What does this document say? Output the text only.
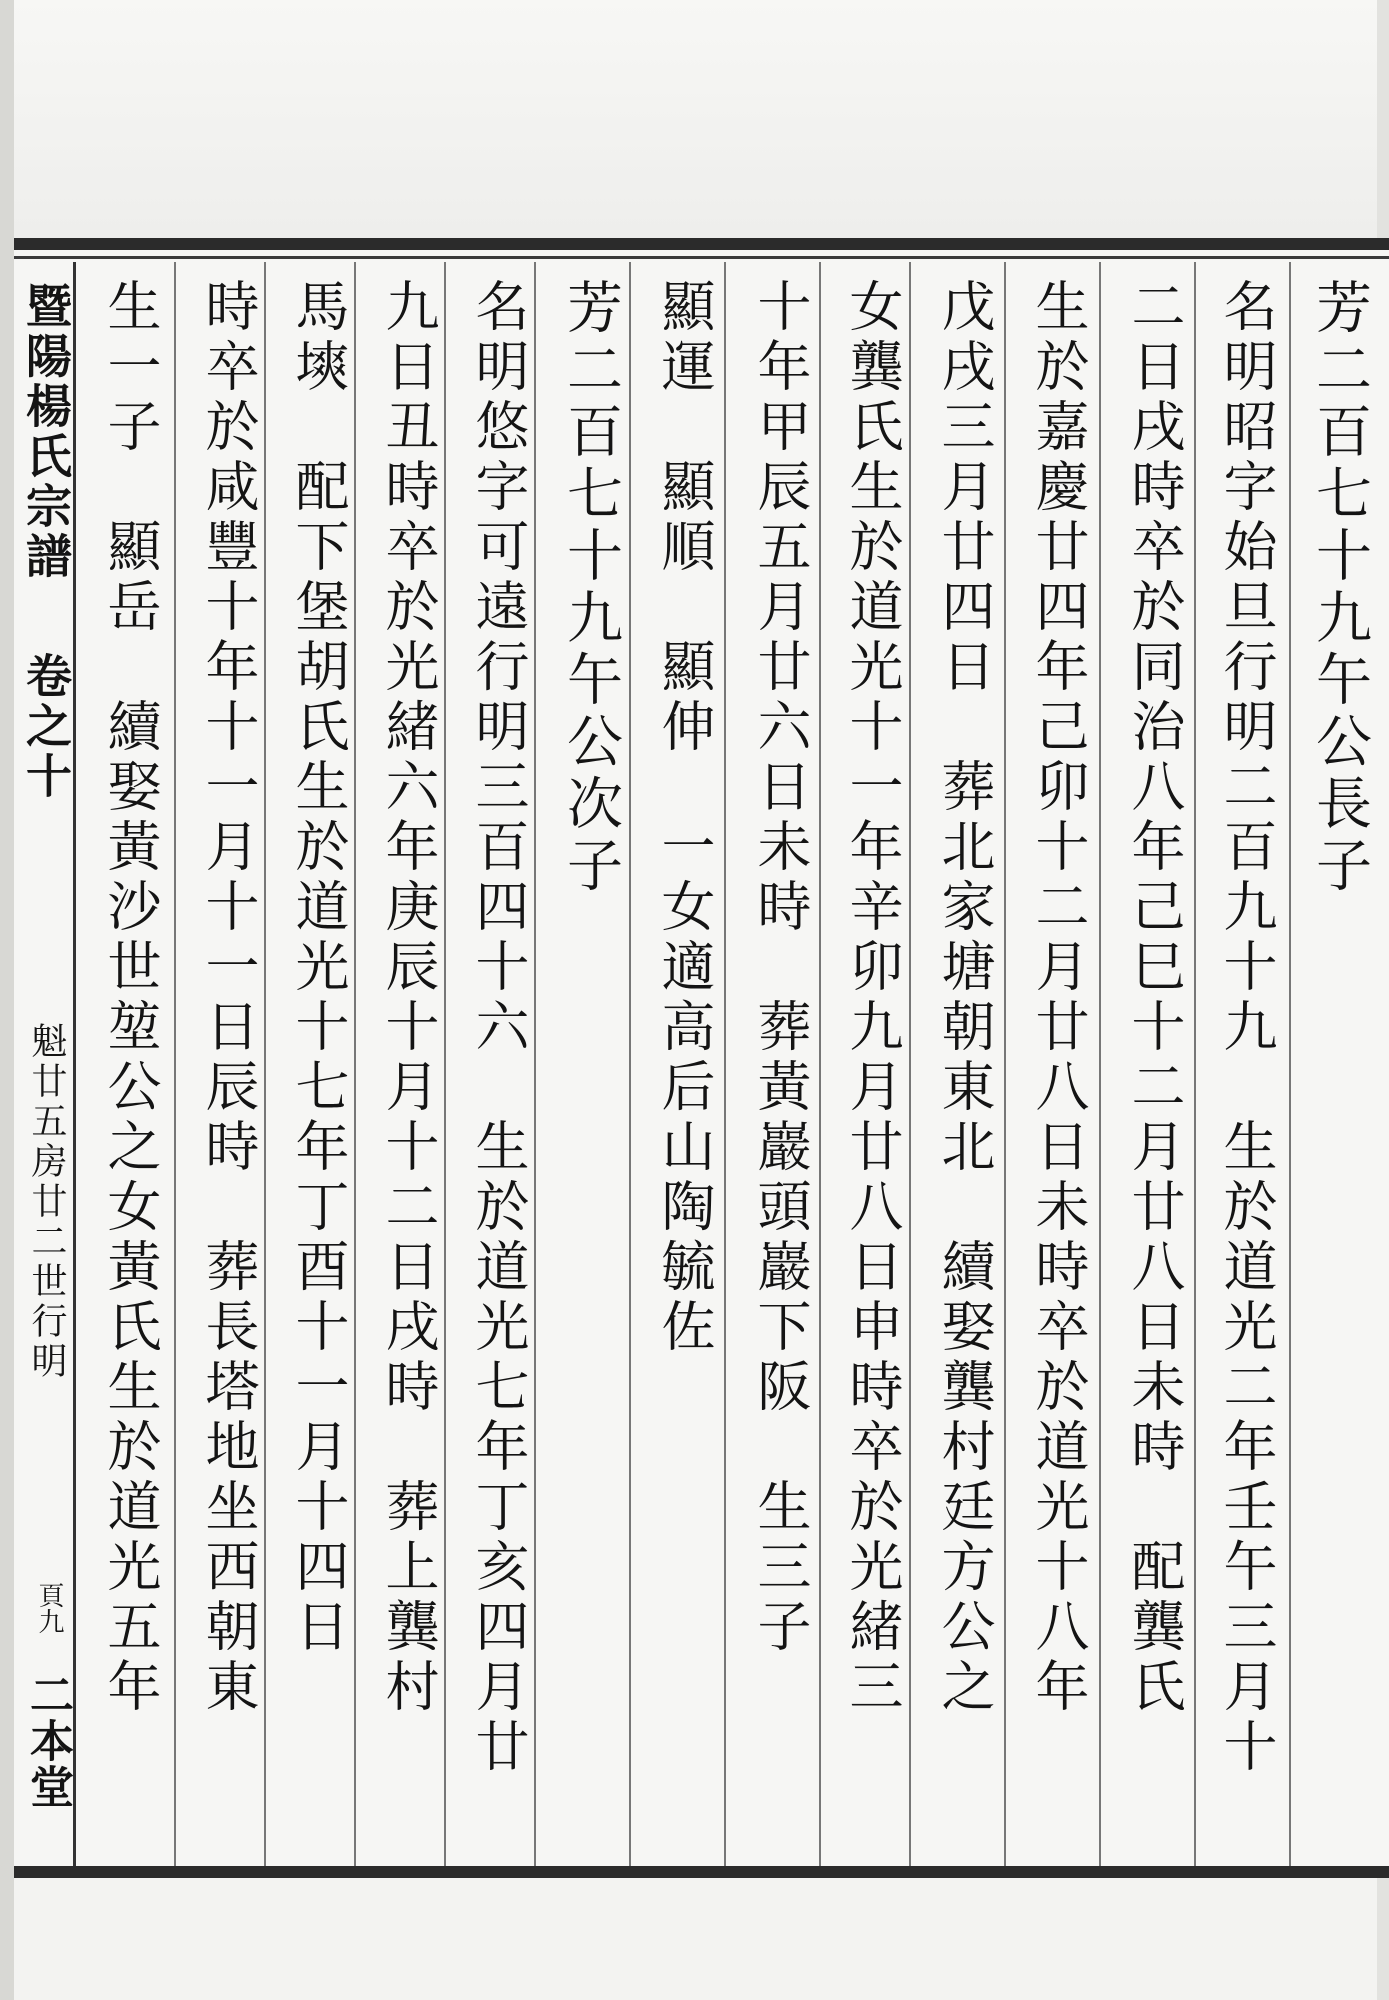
暨陽楊氏宗譜
卷之十
魁廿五房廿二世行明
頁九
二本堂
芳二百七十九午公長子
名明昭字始旦行明二百九十九　生於道光二年壬午三月十
二日戌時卒於同治八年己巳十二月廿八日未時　配龔氏
生於嘉慶廿四年己卯十二月廿八日未時卒於道光十八年
戊戌三月廿四日　葬北家塘朝東北　續娶龔村廷方公之
女龔氏生於道光十一年辛卯九月廿八日申時卒於光緒三
十年甲辰五月廿六日未時　葬黃巖頭巖下阪　生三子
顯運　顯順　顯伸　一女適高后山陶毓佐
芳二百七十九午公次子
名明悠字可遠行明三百四十六　生於道光七年丁亥四月廿
九日丑時卒於光緒六年庚辰十月十二日戌時　葬上龔村
馬塽　配下堡胡氏生於道光十七年丁酉十一月十四日
時卒於咸豐十年十一月十一日辰時　葬長塔地坐西朝東
生一子　顯岳　續娶黃沙世堃公之女黃氏生於道光五年
